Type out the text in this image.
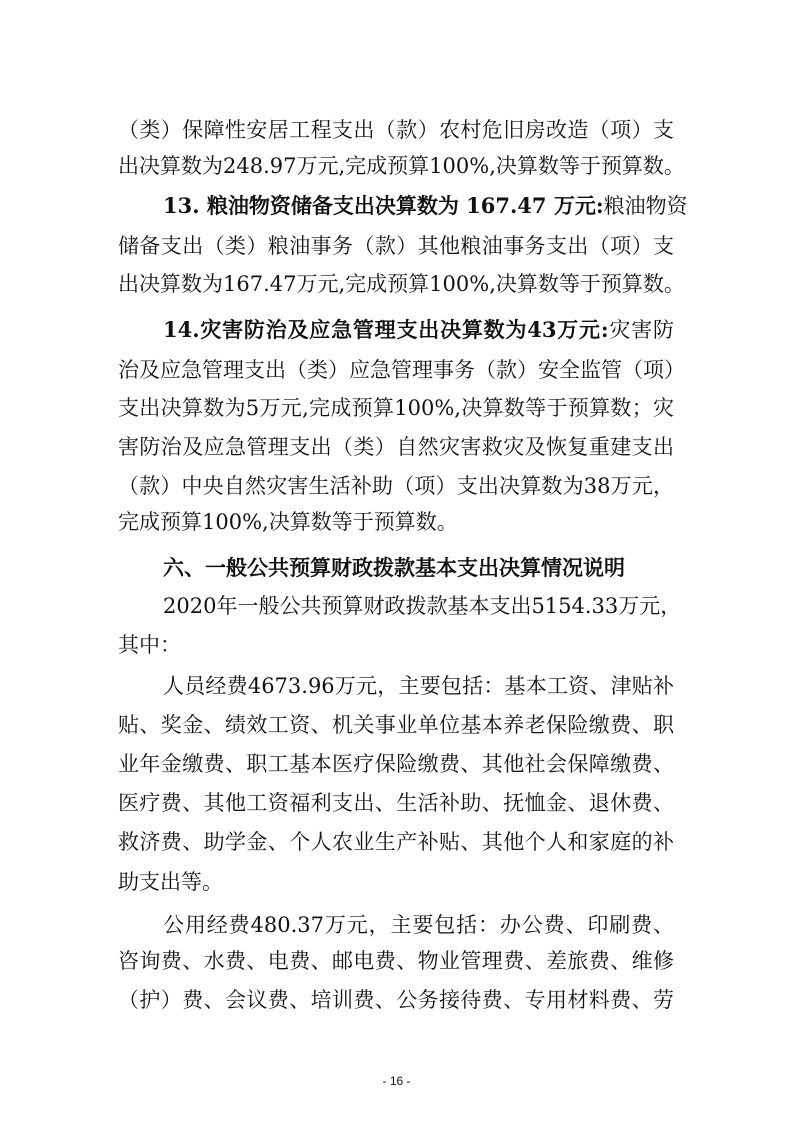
（类）保障性安居工程支出（款）农村危旧房改造（项）支
出决算数为248.97万元,完成预算100%,决算数等于预算数。
13. 粮油物资储备支出决算数为 167.47 万元:粮油物资
储备支出（类）粮油事务（款）其他粮油事务支出（项）支
出决算数为167.47万元,完成预算100%,决算数等于预算数。
14.灾害防治及应急管理支出决算数为43万元:灾害防
治及应急管理支出（类）应急管理事务（款）安全监管（项）
支出决算数为5万元,完成预算100%,决算数等于预算数；灾
害防治及应急管理支出（类）自然灾害救灾及恢复重建支出
（款）中央自然灾害生活补助（项）支出决算数为38万元，
完成预算100%,决算数等于预算数。
六、一般公共预算财政拨款基本支出决算情况说明
2020年一般公共预算财政拨款基本支出5154.33万元，
其中：
人员经费4673.96万元，主要包括：基本工资、津贴补
贴、奖金、绩效工资、机关事业单位基本养老保险缴费、职
业年金缴费、职工基本医疗保险缴费、其他社会保障缴费、
医疗费、其他工资福利支出、生活补助、抚恤金、退休费、
救济费、助学金、个人农业生产补贴、其他个人和家庭的补
助支出等。
公用经费480.37万元，主要包括：办公费、印刷费、
咨询费、水费、电费、邮电费、物业管理费、差旅费、维修
（护）费、会议费、培训费、公务接待费、专用材料费、劳
- 16 -
